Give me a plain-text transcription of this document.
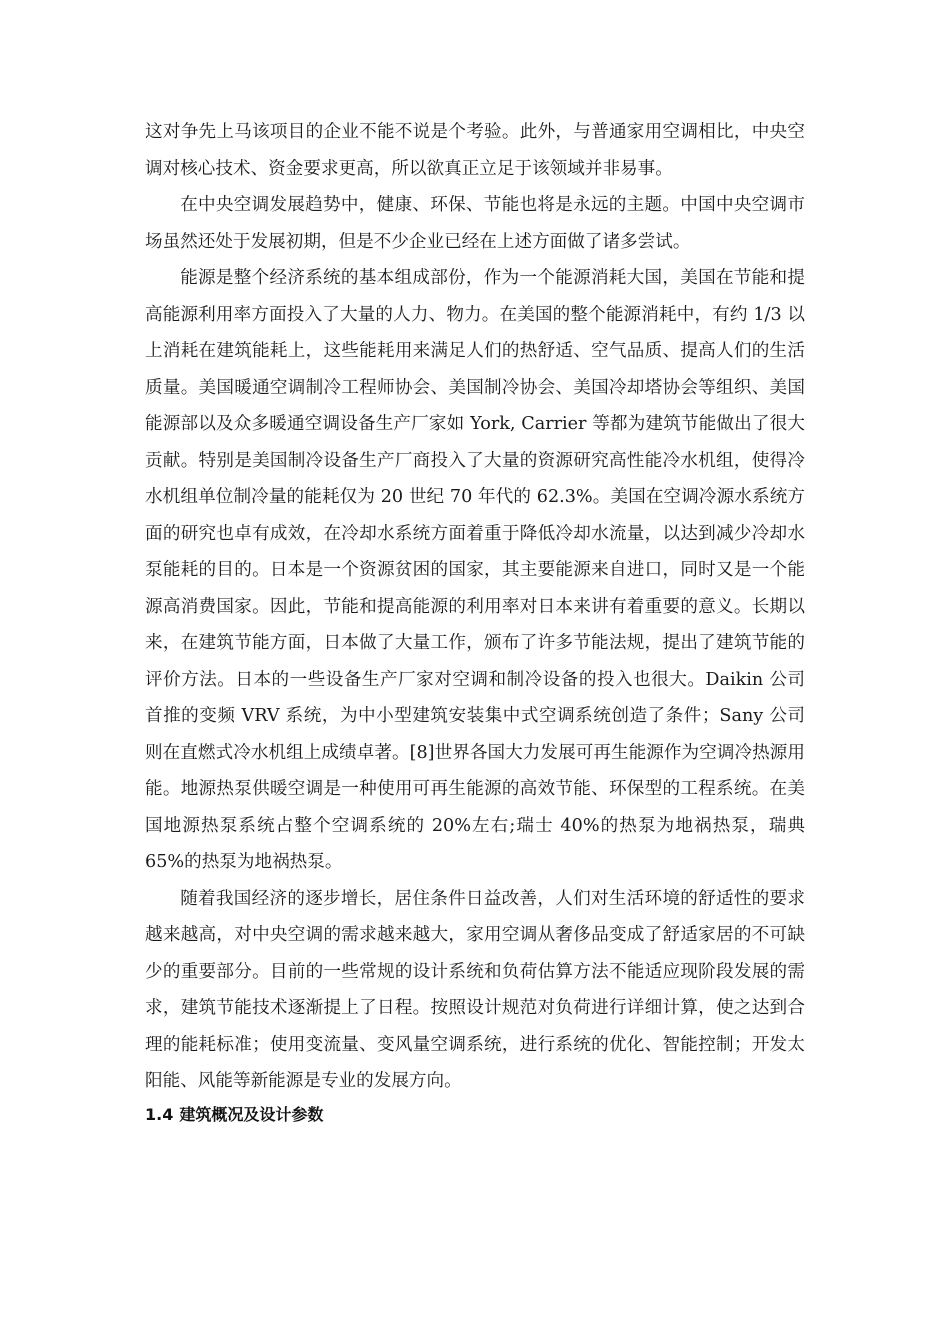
这对争先上马该项目的企业不能不说是个考验。此外，与普通家用空调相比，中央空调对核心技术、资金要求更高，所以欲真正立足于该领域并非易事。

在中央空调发展趋势中，健康、环保、节能也将是永远的主题。中国中央空调市场虽然还处于发展初期，但是不少企业已经在上述方面做了诸多尝试。

能源是整个经济系统的基本组成部份，作为一个能源消耗大国，美国在节能和提高能源利用率方面投入了大量的人力、物力。在美国的整个能源消耗中，有约 1/3 以上消耗在建筑能耗上，这些能耗用来满足人们的热舒适、空气品质、提高人们的生活质量。美国暖通空调制冷工程师协会、美国制冷协会、美国冷却塔协会等组织、美国能源部以及众多暖通空调设备生产厂家如 York, Carrier 等都为建筑节能做出了很大贡献。特别是美国制冷设备生产厂商投入了大量的资源研究高性能冷水机组，使得冷水机组单位制冷量的能耗仅为 20 世纪 70 年代的 62.3%。美国在空调冷源水系统方面的研究也卓有成效，在冷却水系统方面着重于降低冷却水流量，以达到减少冷却水泵能耗的目的。日本是一个资源贫困的国家，其主要能源来自进口，同时又是一个能源高消费国家。因此，节能和提高能源的利用率对日本来讲有着重要的意义。长期以来，在建筑节能方面，日本做了大量工作，颁布了许多节能法规，提出了建筑节能的评价方法。日本的一些设备生产厂家对空调和制冷设备的投入也很大。Daikin 公司首推的变频 VRV 系统，为中小型建筑安装集中式空调系统创造了条件；Sany 公司则在直燃式冷水机组上成绩卓著。[8]世界各国大力发展可再生能源作为空调冷热源用能。地源热泵供暖空调是一种使用可再生能源的高效节能、环保型的工程系统。在美国地源热泵系统占整个空调系统的 20%左右;瑞士 40%的热泵为地祸热泵，瑞典 65%的热泵为地祸热泵。

随着我国经济的逐步增长，居住条件日益改善，人们对生活环境的舒适性的要求越来越高，对中央空调的需求越来越大，家用空调从奢侈品变成了舒适家居的不可缺少的重要部分。目前的一些常规的设计系统和负荷估算方法不能适应现阶段发展的需求，建筑节能技术逐渐提上了日程。按照设计规范对负荷进行详细计算，使之达到合理的能耗标准；使用变流量、变风量空调系统，进行系统的优化、智能控制；开发太阳能、风能等新能源是专业的发展方向。

1.4 建筑概况及设计参数
